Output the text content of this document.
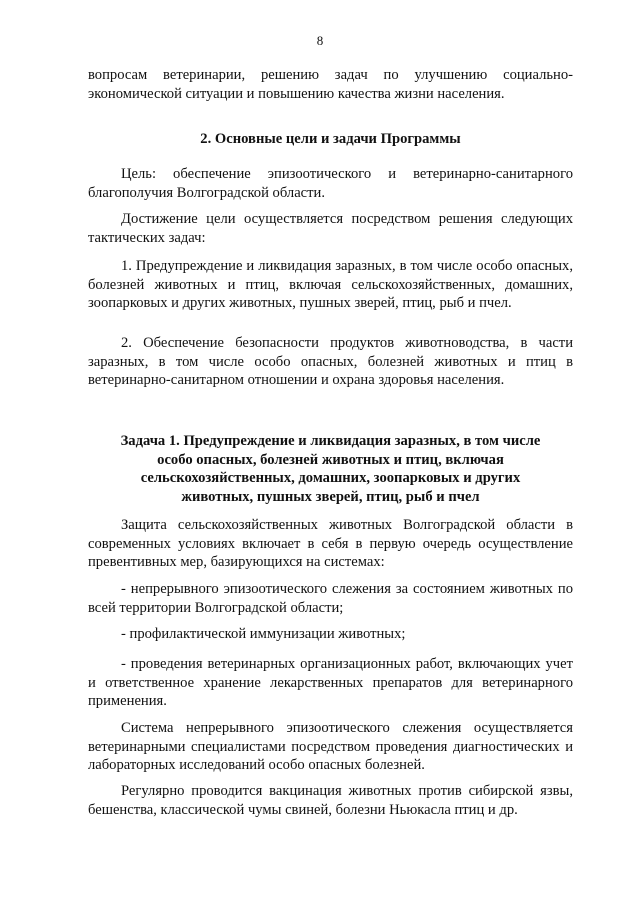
8

вопросам ветеринарии, решению задач по улучшению социально-экономической ситуации и повышению качества жизни населения.

2. Основные цели и задачи Программы

Цель: обеспечение эпизоотического и ветеринарно-санитарного благополучия Волгоградской области.

Достижение цели осуществляется посредством решения следующих тактических задач:

1. Предупреждение и ликвидация заразных, в том числе особо опасных, болезней животных и птиц, включая сельскохозяйственных, домашних, зоопарковых и других животных, пушных зверей, птиц, рыб и пчел.

2. Обеспечение безопасности продуктов животноводства, в части заразных, в том числе особо опасных, болезней животных и птиц в ветеринарно-санитарном отношении и охрана здоровья населения.

Задача 1. Предупреждение и ликвидация заразных, в том числе
особо опасных, болезней животных и птиц, включая
сельскохозяйственных, домашних, зоопарковых и других
животных, пушных зверей, птиц, рыб и пчел

Защита сельскохозяйственных животных Волгоградской области в современных условиях включает в себя в первую очередь осуществление превентивных мер, базирующихся на системах:

- непрерывного эпизоотического слежения за состоянием животных по всей территории Волгоградской области;

- профилактической иммунизации животных;

- проведения ветеринарных организационных работ, включающих учет и ответственное хранение лекарственных препаратов для ветеринарного применения.

Система непрерывного эпизоотического слежения осуществляется ветеринарными специалистами посредством проведения диагностических и лабораторных исследований особо опасных болезней.

Регулярно проводится вакцинация животных против сибирской язвы, бешенства, классической чумы свиней, болезни Ньюкасла птиц и др.
